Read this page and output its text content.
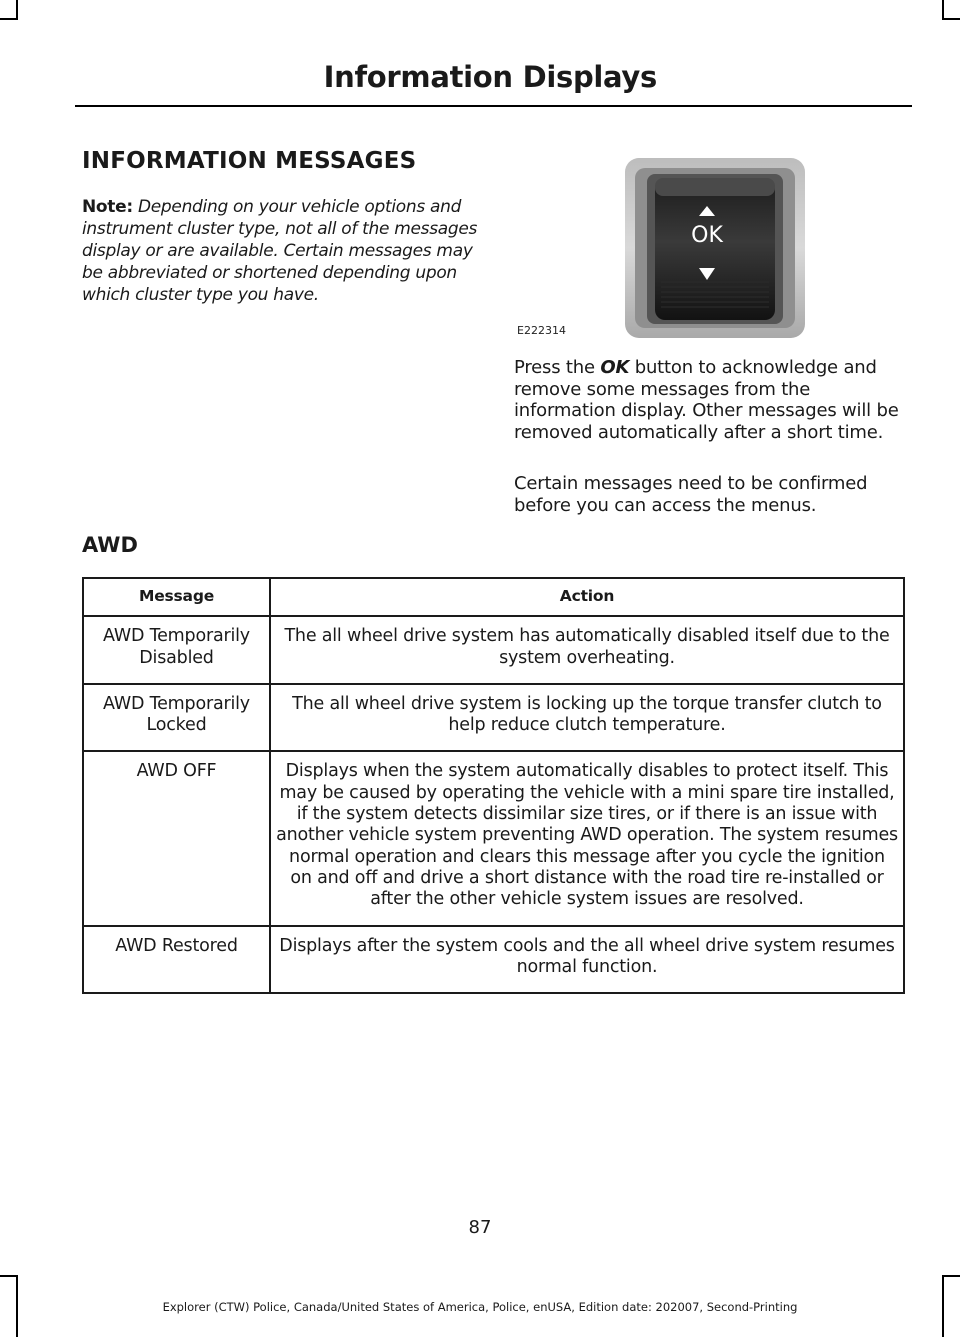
Information Displays
INFORMATION MESSAGES
Note: Depending on your vehicle options and instrument cluster type, not all of the messages display or are available. Certain messages may be abbreviated or shortened depending upon which cluster type you have.
OK
E222314

Press the OK button to acknowledge and remove some messages from the information display. Other messages will be removed automatically after a short time.

Certain messages need to be confirmed before you can access the menus.

AWD
Message	Action
AWD Temporarily Disabled	The all wheel drive system has automatically disabled itself due to the system overheating.
AWD Temporarily Locked	The all wheel drive system is locking up the torque transfer clutch to help reduce clutch temperature.
AWD OFF	Displays when the system automatically disables to protect itself. This may be caused by operating the vehicle with a mini spare tire installed, if the system detects dissimilar size tires, or if there is an issue with another vehicle system preventing AWD operation. The system resumes normal operation and clears this message after you cycle the ignition on and off and drive a short distance with the road tire re-installed or after the other vehicle system issues are resolved.
AWD Restored	Displays after the system cools and the all wheel drive system resumes normal function.
87
Explorer (CTW) Police, Canada/United States of America, Police, enUSA, Edition date: 202007, Second-Printing
